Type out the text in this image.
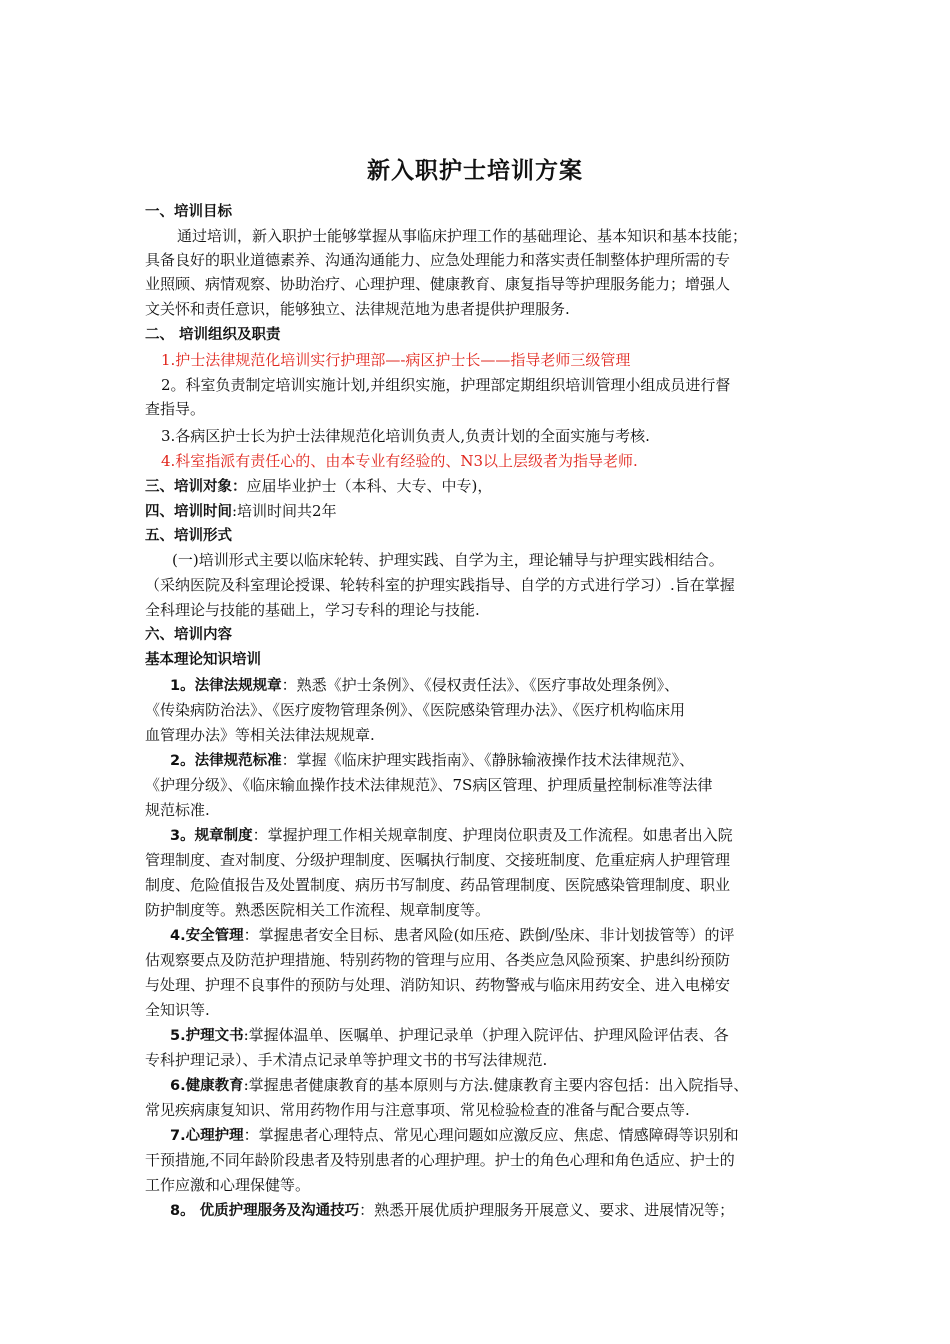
新入职护士培训方案
一、培训目标
通过培训，新入职护士能够掌握从事临床护理工作的基础理论、基本知识和基本技能；
具备良好的职业道德素养、沟通沟通能力、应急处理能力和落实责任制整体护理所需的专
业照顾、病情观察、协助治疗、心理护理、健康教育、康复指导等护理服务能力；增强人
文关怀和责任意识，能够独立、法律规范地为患者提供护理服务.
二、 培训组织及职责
1.护士法律规范化培训实行护理部—-病区护士长——指导老师三级管理
2。科室负责制定培训实施计划,并组织实施，护理部定期组织培训管理小组成员进行督
查指导。
3.各病区护士长为护士法律规范化培训负责人,负责计划的全面实施与考核.
4.科室指派有责任心的、由本专业有经验的、N3以上层级者为指导老师.
三、培训对象：应届毕业护士（本科、大专、中专)，
四、培训时间:培训时间共2年
五、培训形式
(一)培训形式主要以临床轮转、护理实践、自学为主，理论辅导与护理实践相结合。
（采纳医院及科室理论授课、轮转科室的护理实践指导、自学的方式进行学习）.旨在掌握
全科理论与技能的基础上，学习专科的理论与技能.
六、培训内容
基本理论知识培训
1。法律法规规章：熟悉《护士条例》、《侵权责任法》、《医疗事故处理条例》、
《传染病防治法》、《医疗废物管理条例》、《医院感染管理办法》、《医疗机构临床用
血管理办法》等相关法律法规规章.
2。法律规范标准：掌握《临床护理实践指南》、《静脉输液操作技术法律规范》、
《护理分级》、《临床输血操作技术法律规范》、7S病区管理、护理质量控制标准等法律
规范标准.
3。规章制度：掌握护理工作相关规章制度、护理岗位职责及工作流程。如患者出入院
管理制度、查对制度、分级护理制度、医嘱执行制度、交接班制度、危重症病人护理管理
制度、危险值报告及处置制度、病历书写制度、药品管理制度、医院感染管理制度、职业
防护制度等。熟悉医院相关工作流程、规章制度等。
4.安全管理：掌握患者安全目标、患者风险(如压疮、跌倒/坠床、非计划拔管等）的评
估观察要点及防范护理措施、特别药物的管理与应用、各类应急风险预案、护患纠纷预防
与处理、护理不良事件的预防与处理、消防知识、药物警戒与临床用药安全、进入电梯安
全知识等.
5.护理文书:掌握体温单、医嘱单、护理记录单（护理入院评估、护理风险评估表、各
专科护理记录）、手术清点记录单等护理文书的书写法律规范.
6.健康教育:掌握患者健康教育的基本原则与方法.健康教育主要内容包括：出入院指导、
常见疾病康复知识、常用药物作用与注意事项、常见检验检查的准备与配合要点等.
7.心理护理：掌握患者心理特点、常见心理问题如应激反应、焦虑、情感障碍等识别和
干预措施,不同年龄阶段患者及特别患者的心理护理。护士的角色心理和角色适应、护士的
工作应激和心理保健等。
8。 优质护理服务及沟通技巧：熟悉开展优质护理服务开展意义、要求、进展情况等；
